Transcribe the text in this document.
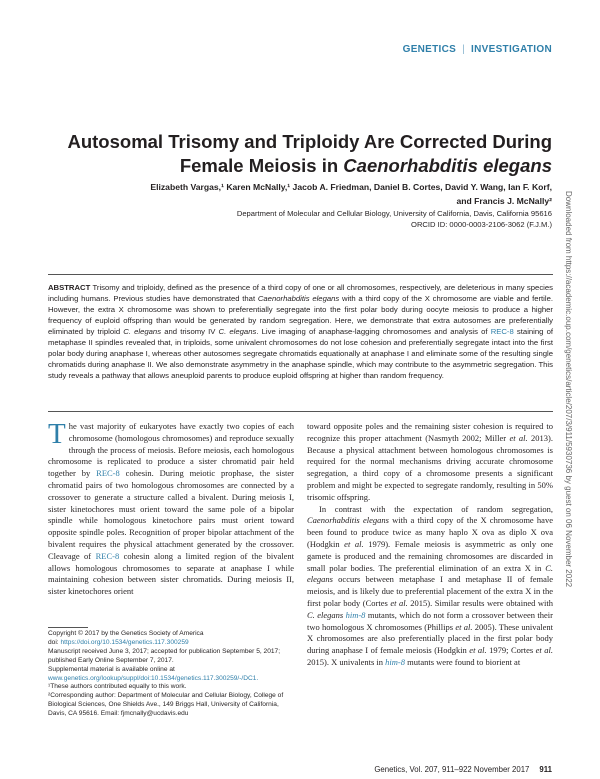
GENETICS | INVESTIGATION
Downloaded from https://academic.oup.com/genetics/article/207/3/911/5930736 by guest on 06 November 2022
Autosomal Trisomy and Triploidy Are Corrected During
Female Meiosis in Caenorhabditis elegans
Elizabeth Vargas,¹ Karen McNally,¹ Jacob A. Friedman, Daniel B. Cortes, David Y. Wang, Ian F. Korf,
and Francis J. McNally²
Department of Molecular and Cellular Biology, University of California, Davis, California 95616
ORCID ID: 0000-0003-2106-3062 (F.J.M.)
ABSTRACT Trisomy and triploidy, defined as the presence of a third copy of one or all chromosomes, respectively, are deleterious in many species including humans. Previous studies have demonstrated that Caenorhabditis elegans with a third copy of the X chromosome are viable and fertile. However, the extra X chromosome was shown to preferentially segregate into the first polar body during oocyte meiosis to produce a higher frequency of euploid offspring than would be generated by random segregation. Here, we demonstrate that extra autosomes are preferentially eliminated by triploid C. elegans and trisomy IV C. elegans. Live imaging of anaphase-lagging chromosomes and analysis of REC-8 staining of metaphase II spindles revealed that, in triploids, some univalent chromosomes do not lose cohesion and preferentially segregate intact into the first polar body during anaphase I, whereas other autosomes segregate chromatids equationally at anaphase I and eliminate some of the resulting single chromatids during anaphase II. We also demonstrate asymmetry in the anaphase spindle, which may contribute to the asymmetric segregation. This study reveals a pathway that allows aneuploid parents to produce euploid offspring at higher than random frequency.

The vast majority of eukaryotes have exactly two copies of each chromosome (homologous chromosomes) and reproduce sexually through the process of meiosis. Before meiosis, each homologous chromosome is replicated to produce a sister chromatid pair held together by REC-8 cohesin. During meiotic prophase, the sister chromatid pairs of two homologous chromosomes are connected by a crossover to generate a structure called a bivalent. During meiosis I, sister kinetochores must orient toward the same pole of a bipolar spindle while homologous kinetochore pairs must orient toward opposite spindle poles. Recognition of proper bipolar attachment of the bivalent requires the physical attachment generated by the crossover. Cleavage of REC-8 cohesin along a limited region of the bivalent allows homologous chromosomes to separate at anaphase I while maintaining cohesion between sister chromatids. During meiosis II, sister kinetochores orient

Copyright © 2017 by the Genetics Society of America
doi: https://doi.org/10.1534/genetics.117.300259
Manuscript received June 3, 2017; accepted for publication September 5, 2017; published Early Online September 7, 2017.
Supplemental material is available online at www.genetics.org/lookup/suppl/doi:10.1534/genetics.117.300259/-/DC1.
¹These authors contributed equally to this work.
²Corresponding author: Department of Molecular and Cellular Biology, College of Biological Sciences, One Shields Ave., 149 Briggs Hall, University of California, Davis, CA 95616. Email: fjmcnally@ucdavis.edu

toward opposite poles and the remaining sister cohesion is required to recognize this proper attachment (Nasmyth 2002; Miller et al. 2013). Because a physical attachment between homologous chromosomes is required for the normal mechanisms driving accurate chromosome segregation, a third copy of a chromosome presents a significant problem and might be expected to segregate randomly, resulting in 50% trisomic offspring.

In contrast with the expectation of random segregation, Caenorhabditis elegans with a third copy of the X chromosome have been found to produce twice as many haplo X ova as diplo X ova (Hodgkin et al. 1979). Female meiosis is asymmetric as only one gamete is produced and the remaining chromosomes are discarded in small polar bodies. The preferential elimination of an extra X in C. elegans occurs between metaphase I and metaphase II of female meiosis, and is likely due to preferential placement of the extra X in the first polar body (Cortes et al. 2015). Similar results were obtained with C. elegans him-8 mutants, which do not form a crossover between their two homologous X chromosomes (Phillips et al. 2005). These univalent X chromosomes are also preferentially placed in the first polar body during anaphase I of female meiosis (Hodgkin et al. 1979; Cortes et al. 2015). X univalents in him-8 mutants were found to biorient at

Genetics, Vol. 207, 911–922 November 2017 911
